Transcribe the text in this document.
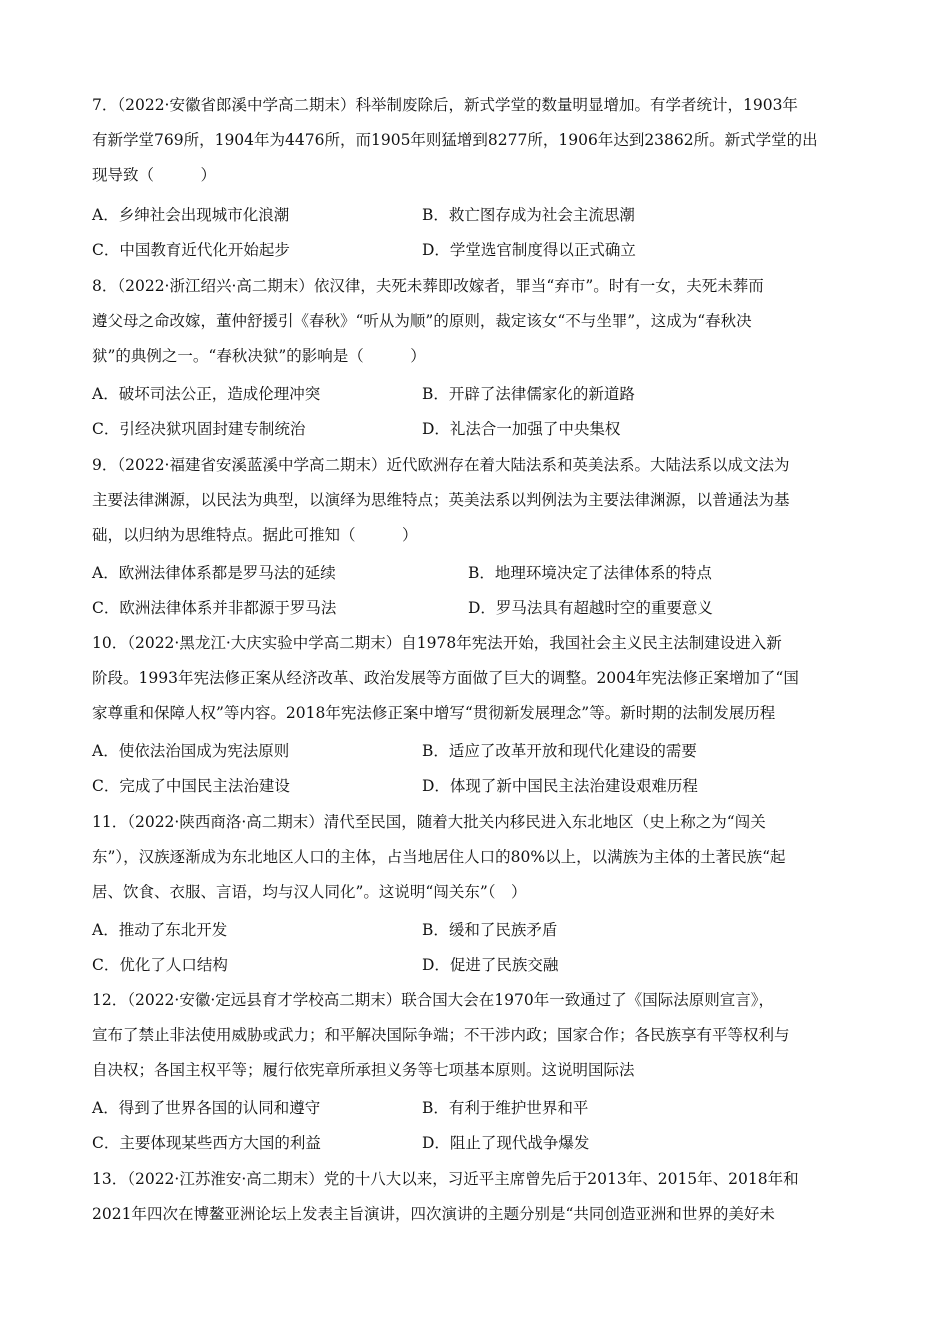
7．（2022·安徽省郎溪中学高二期末）科举制废除后，新式学堂的数量明显增加。有学者统计，1903年
有新学堂769所，1904年为4476所，而1905年则猛增到8277所，1906年达到23862所。新式学堂的出
现导致（　　　）
A．乡绅社会出现城市化浪潮	B．救亡图存成为社会主流思潮
C．中国教育近代化开始起步	D．学堂选官制度得以正式确立
8．（2022·浙江绍兴·高二期末）依汉律，夫死未葬即改嫁者，罪当“弃市”。时有一女，夫死未葬而
遵父母之命改嫁，董仲舒援引《春秋》“听从为顺”的原则，裁定该女“不与坐罪”，这成为“春秋决
狱”的典例之一。“春秋决狱”的影响是（　　　）
A．破坏司法公正，造成伦理冲突	B．开辟了法律儒家化的新道路
C．引经决狱巩固封建专制统治	D．礼法合一加强了中央集权
9．（2022·福建省安溪蓝溪中学高二期末）近代欧洲存在着大陆法系和英美法系。大陆法系以成文法为
主要法律渊源，以民法为典型，以演绎为思维特点；英美法系以判例法为主要法律渊源，以普通法为基
础，以归纳为思维特点。据此可推知（　　　）
A．欧洲法律体系都是罗马法的延续	B．地理环境决定了法律体系的特点
C．欧洲法律体系并非都源于罗马法	D．罗马法具有超越时空的重要意义
10．（2022·黑龙江·大庆实验中学高二期末）自1978年宪法开始，我国社会主义民主法制建设进入新
阶段。1993年宪法修正案从经济改革、政治发展等方面做了巨大的调整。2004年宪法修正案增加了“国
家尊重和保障人权”等内容。2018年宪法修正案中增写“贯彻新发展理念”等。新时期的法制发展历程
A．使依法治国成为宪法原则	B．适应了改革开放和现代化建设的需要
C．完成了中国民主法治建设	D．体现了新中国民主法治建设艰难历程
11．（2022·陕西商洛·高二期末）清代至民国，随着大批关内移民进入东北地区（史上称之为“闯关
东”），汉族逐渐成为东北地区人口的主体，占当地居住人口的80%以上，以满族为主体的土著民族“起
居、饮食、衣服、言语，均与汉人同化”。这说明“闯关东”（　）
A．推动了东北开发	B．缓和了民族矛盾
C．优化了人口结构	D．促进了民族交融
12．（2022·安徽·定远县育才学校高二期末）联合国大会在1970年一致通过了《国际法原则宣言》，
宣布了禁止非法使用威胁或武力；和平解决国际争端；不干涉内政；国家合作；各民族享有平等权利与
自决权；各国主权平等；履行依宪章所承担义务等七项基本原则。这说明国际法
A．得到了世界各国的认同和遵守	B．有利于维护世界和平
C．主要体现某些西方大国的利益	D．阻止了现代战争爆发
13．（2022·江苏淮安·高二期末）党的十八大以来，习近平主席曾先后于2013年、2015年、2018年和
2021年四次在博鳌亚洲论坛上发表主旨演讲，四次演讲的主题分别是“共同创造亚洲和世界的美好未
